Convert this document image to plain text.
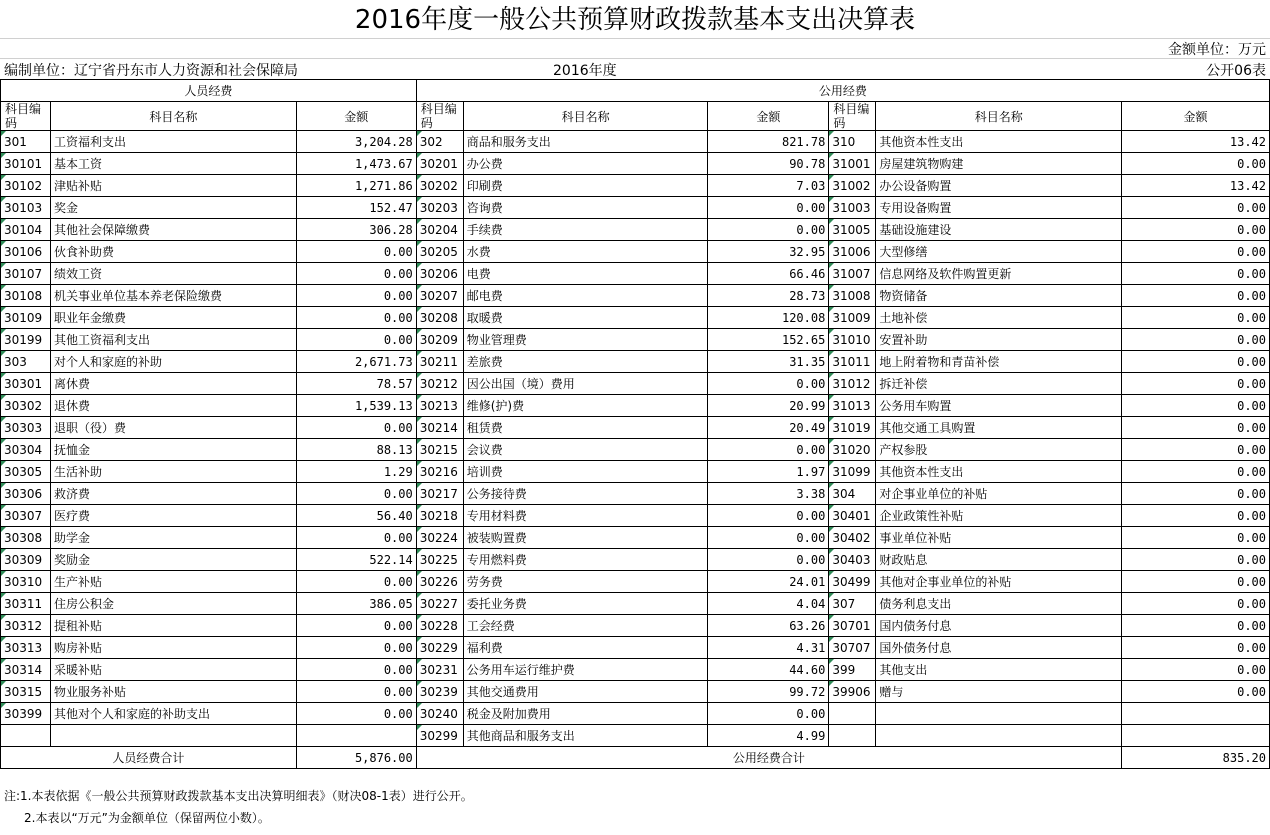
2016年度一般公共预算财政拨款基本支出决算表
金额单位：万元
编制单位：辽宁省丹东市人力资源和社会保障局	2016年度	公开06表
人员经费			公用经费					
科目编码	科目名称	金额	科目编码	科目名称	金额	科目编码	科目名称	金额
301	工资福利支出	3,204.28	302	商品和服务支出	821.78	310	其他资本性支出	13.42
30101	基本工资	1,473.67	30201	办公费	90.78	31001	房屋建筑物购建	0.00
30102	津贴补贴	1,271.86	30202	印刷费	7.03	31002	办公设备购置	13.42
30103	奖金	152.47	30203	咨询费	0.00	31003	专用设备购置	0.00
30104	其他社会保障缴费	306.28	30204	手续费	0.00	31005	基础设施建设	0.00
30106	伙食补助费	0.00	30205	水费	32.95	31006	大型修缮	0.00
30107	绩效工资	0.00	30206	电费	66.46	31007	信息网络及软件购置更新	0.00
30108	机关事业单位基本养老保险缴费	0.00	30207	邮电费	28.73	31008	物资储备	0.00
30109	职业年金缴费	0.00	30208	取暖费	120.08	31009	土地补偿	0.00
30199	其他工资福利支出	0.00	30209	物业管理费	152.65	31010	安置补助	0.00
303	对个人和家庭的补助	2,671.73	30211	差旅费	31.35	31011	地上附着物和青苗补偿	0.00
30301	离休费	78.57	30212	因公出国（境）费用	0.00	31012	拆迁补偿	0.00
30302	退休费	1,539.13	30213	维修(护)费	20.99	31013	公务用车购置	0.00
30303	退职（役）费	0.00	30214	租赁费	20.49	31019	其他交通工具购置	0.00
30304	抚恤金	88.13	30215	会议费	0.00	31020	产权参股	0.00
30305	生活补助	1.29	30216	培训费	1.97	31099	其他资本性支出	0.00
30306	救济费	0.00	30217	公务接待费	3.38	304	对企事业单位的补贴	0.00
30307	医疗费	56.40	30218	专用材料费	0.00	30401	企业政策性补贴	0.00
30308	助学金	0.00	30224	被装购置费	0.00	30402	事业单位补贴	0.00
30309	奖励金	522.14	30225	专用燃料费	0.00	30403	财政贴息	0.00
30310	生产补贴	0.00	30226	劳务费	24.01	30499	其他对企事业单位的补贴	0.00
30311	住房公积金	386.05	30227	委托业务费	4.04	307	债务利息支出	0.00
30312	提租补贴	0.00	30228	工会经费	63.26	30701	国内债务付息	0.00
30313	购房补贴	0.00	30229	福利费	4.31	30707	国外债务付息	0.00
30314	采暖补贴	0.00	30231	公务用车运行维护费	44.60	399	其他支出	0.00
30315	物业服务补贴	0.00	30239	其他交通费用	99.72	39906	赠与	0.00
30399	其他对个人和家庭的补助支出	0.00	30240	税金及附加费用	0.00			
			30299	其他商品和服务支出	4.99			
人员经费合计		5,876.00	公用经费合计					835.20
注:1.本表依据《一般公共预算财政拨款基本支出决算明细表》（财决08-1表）进行公开。
2.本表以“万元”为金额单位（保留两位小数）。
